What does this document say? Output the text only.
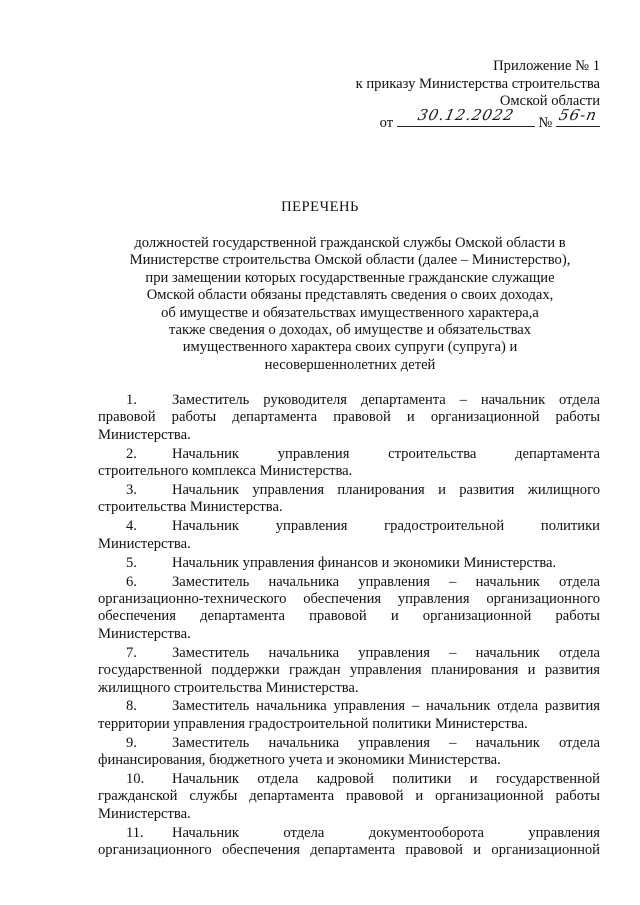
Приложение № 1
к приказу Министерства строительства
Омской области
от	30.12.2022	№ 56-п
ПЕРЕЧЕНЬ
должностей государственной гражданской службы Омской области в
Министерстве строительства Омской области (далее – Министерство),
при замещении которых государственные гражданские служащие
Омской области обязаны представлять сведения о своих доходах,
об имуществе и обязательствах имущественного характера,а
также сведения о доходах, об имуществе и обязательствах
имущественного характера своих супруги (супруга) и
несовершеннолетних детей
1.	Заместитель руководителя департамента – начальник отдела
правовой работы департамента правовой и организационной работы
Министерства.
2.	Начальник управления строительства департамента
строительного комплекса Министерства.
3.	Начальник управления планирования и развития жилищного
строительства Министерства.
4.	Начальник управления градостроительной политики
Министерства.
5.	Начальник управления финансов и экономики Министерства.
6.	Заместитель начальника управления – начальник отдела
организационно-технического обеспечения управления организационного
обеспечения департамента правовой и организационной работы
Министерства.
7.	Заместитель начальника управления – начальник отдела
государственной поддержки граждан управления планирования и развития
жилищного строительства Министерства.
8.	Заместитель начальника управления – начальник отдела развития
территории управления градостроительной политики Министерства.
9.	Заместитель начальника управления – начальник отдела
финансирования, бюджетного учета и экономики Министерства.
10.	Начальник отдела кадровой политики и государственной
гражданской службы департамента правовой и организационной работы
Министерства.
11.	Начальник отдела документооборота управления
организационного обеспечения департамента правовой и организационной
